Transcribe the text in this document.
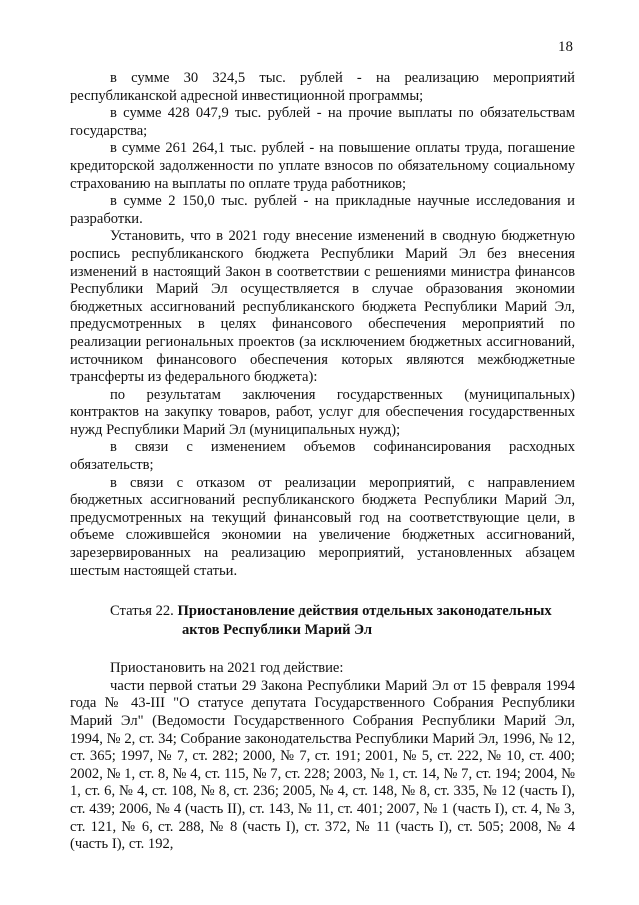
18

в сумме 30 324,5 тыс. рублей - на реализацию мероприятий республиканской адресной инвестиционной программы;

в сумме 428 047,9 тыс. рублей - на прочие выплаты по обязательствам государства;

в сумме 261 264,1 тыс. рублей - на повышение оплаты труда, погашение кредиторской задолженности по уплате взносов по обязательному социальному страхованию на выплаты по оплате труда работников;

в сумме 2 150,0 тыс. рублей - на прикладные научные исследования и разработки.

Установить, что в 2021 году внесение изменений в сводную бюджетную роспись республиканского бюджета Республики Марий Эл без внесения изменений в настоящий Закон в соответствии с решениями министра финансов Республики Марий Эл осуществляется в случае образования экономии бюджетных ассигнований республиканского бюджета Республики Марий Эл, предусмотренных в целях финансового обеспечения мероприятий по реализации региональных проектов (за исключением бюджетных ассигнований, источником финансового обеспечения которых являются межбюджетные трансферты из федерального бюджета):

по результатам заключения государственных (муниципальных) контрактов на закупку товаров, работ, услуг для обеспечения государственных нужд Республики Марий Эл (муниципальных нужд);

в связи с изменением объемов софинансирования расходных обязательств;

в связи с отказом от реализации мероприятий, с направлением бюджетных ассигнований республиканского бюджета Республики Марий Эл, предусмотренных на текущий финансовый год на соответствующие цели, в объеме сложившейся экономии на увеличение бюджетных ассигнований, зарезервированных на реализацию мероприятий, установленных абзацем шестым настоящей статьи.

Статья 22. Приостановление действия отдельных законодательных
актов Республики Марий Эл

Приостановить на 2021 год действие:

части первой статьи 29 Закона Республики Марий Эл от 15 февраля 1994 года № 43-III "О статусе депутата Государственного Собрания Республики Марий Эл" (Ведомости Государственного Собрания Республики Марий Эл, 1994, № 2, ст. 34; Собрание законодательства Республики Марий Эл, 1996, № 12, ст. 365; 1997, № 7, ст. 282; 2000, № 7, ст. 191; 2001, № 5, ст. 222, № 10, ст. 400; 2002, № 1, ст. 8, № 4, ст. 115, № 7, ст. 228; 2003, № 1, ст. 14, № 7, ст. 194; 2004, № 1, ст. 6, № 4, ст. 108, № 8, ст. 236; 2005, № 4, ст. 148, № 8, ст. 335, № 12 (часть I), ст. 439; 2006, № 4 (часть II), ст. 143, № 11, ст. 401; 2007, № 1 (часть I), ст. 4, № 3, ст. 121, № 6, ст. 288, № 8 (часть I), ст. 372, № 11 (часть I), ст. 505; 2008, № 4 (часть I), ст. 192,
